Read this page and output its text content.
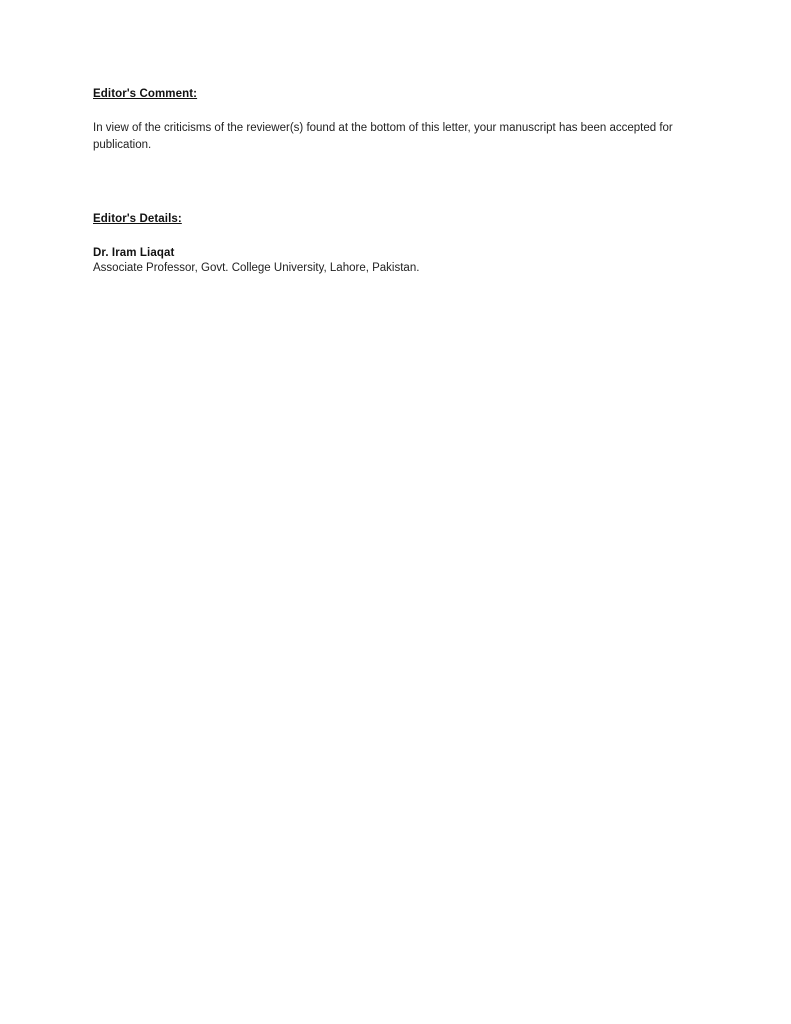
Editor's Comment:

In view of the criticisms of the reviewer(s) found at the bottom of this letter, your manuscript has been accepted for publication.

Editor's Details:

Dr. Iram Liaqat

Associate Professor, Govt. College University, Lahore, Pakistan.
